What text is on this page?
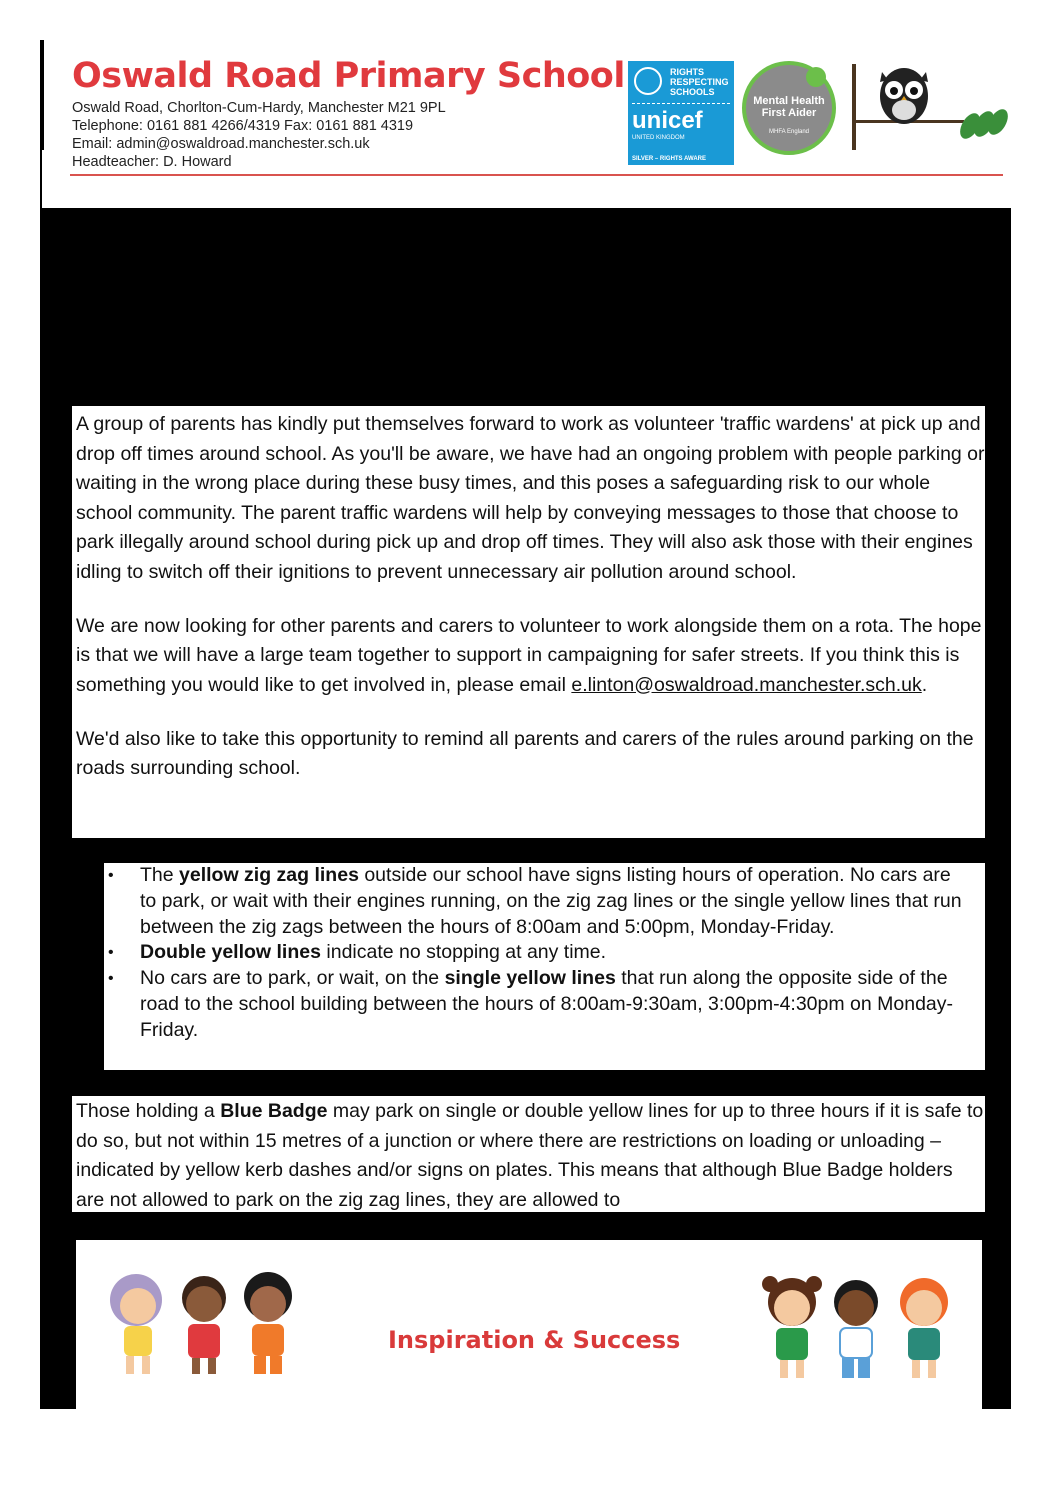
Oswald Road Primary School
Oswald Road, Chorlton-Cum-Hardy, Manchester M21 9PL
Telephone: 0161 881 4266/4319 Fax: 0161 881 4319
Email: admin@oswaldroad.manchester.sch.uk
Headteacher: D. Howard
RIGHTS RESPECTING SCHOOLS
unicef
UNITED KINGDOM
SILVER – RIGHTS AWARE
Mental Health First Aider
MHFA England

A group of parents has kindly put themselves forward to work as volunteer 'traffic wardens' at pick up and drop off times around school. As you'll be aware, we have had an ongoing problem with people parking or waiting in the wrong place during these busy times, and this poses a safeguarding risk to our whole school community. The parent traffic wardens will help by conveying messages to those that choose to park illegally around school during pick up and drop off times. They will also ask those with their engines idling to switch off their ignitions to prevent unnecessary air pollution around school.

We are now looking for other parents and carers to volunteer to work alongside them on a rota. The hope is that we will have a large team together to support in campaigning for safer streets. If you think this is something you would like to get involved in, please email e.linton@oswaldroad.manchester.sch.uk.

We'd also like to take this opportunity to remind all parents and carers of the rules around parking on the roads surrounding school.

• The yellow zig zag lines outside our school have signs listing hours of operation. No cars are to park, or wait with their engines running, on the zig zag lines or the single yellow lines that run between the zig zags between the hours of 8:00am and 5:00pm, Monday-Friday.
• Double yellow lines indicate no stopping at any time.
• No cars are to park, or wait, on the single yellow lines that run along the opposite side of the road to the school building between the hours of 8:00am-9:30am, 3:00pm-4:30pm on Monday-Friday.

Those holding a Blue Badge may park on single or double yellow lines for up to three hours if it is safe to do so, but not within 15 metres of a junction or where there are restrictions on loading or unloading – indicated by yellow kerb dashes and/or signs on plates. This means that although Blue Badge holders are not allowed to park on the zig zag lines, they are allowed to

Inspiration & Success
